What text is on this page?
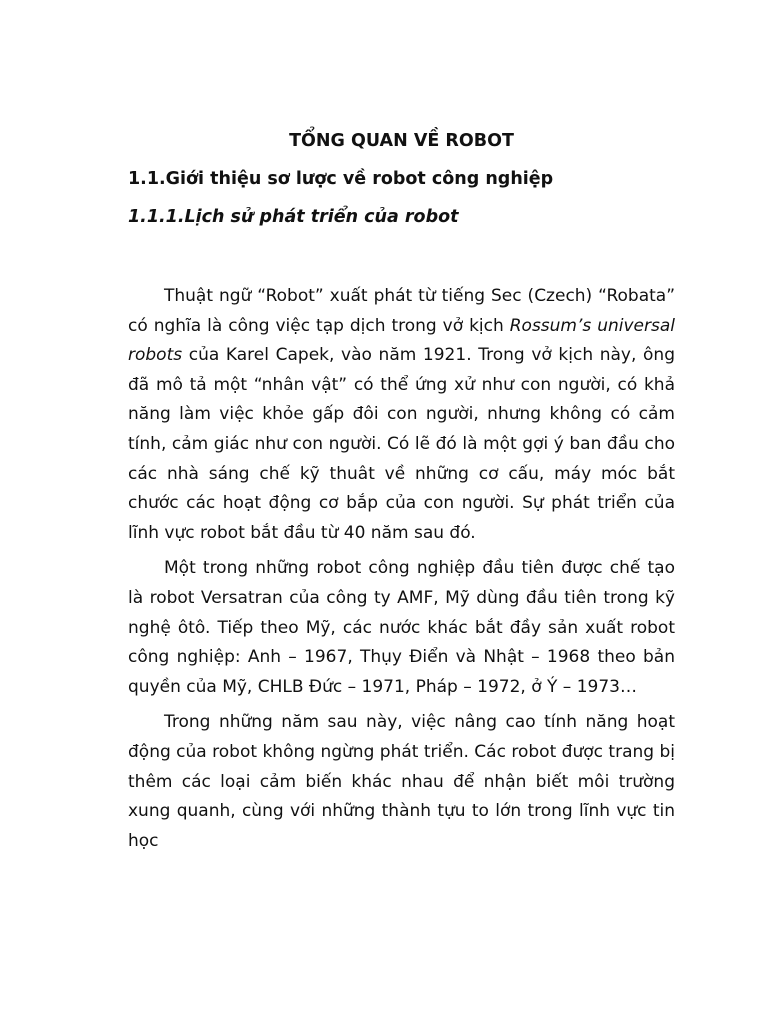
TỔNG QUAN VỀ ROBOT
1.1.Giới thiệu sơ lược về robot công nghiệp
1.1.1.Lịch sử phát triển của robot

Thuật ngữ “Robot” xuất phát từ tiếng Sec (Czech) “Robata” có nghĩa là công việc tạp dịch trong vở kịch Rossum’s universal robots của Karel Capek, vào năm 1921. Trong vở kịch này, ông đã mô tả một “nhân vật” có thể ứng xử như con người, có khả năng làm việc khỏe gấp đôi con người, nhưng không có cảm tính, cảm giác như con người. Có lẽ đó là một gợi ý ban đầu cho các nhà sáng chế kỹ thuât về những cơ cấu, máy móc bắt chước các hoạt động cơ bắp của con người. Sự phát triển của lĩnh vực robot bắt đầu từ 40 năm sau đó.

Một trong những robot công nghiệp đầu tiên được chế tạo là robot Versatran của công ty AMF, Mỹ dùng đầu tiên trong kỹ nghệ ôtô. Tiếp theo Mỹ, các nước khác bắt đầy sản xuất robot công nghiệp: Anh – 1967, Thụy Điển và Nhật – 1968 theo bản quyền của Mỹ, CHLB Đức – 1971, Pháp – 1972, ở Ý – 1973…

Trong những năm sau này, việc nâng cao tính năng hoạt động của robot không ngừng phát triển. Các robot được trang bị thêm các loại cảm biến khác nhau để nhận biết môi trường xung quanh, cùng với những thành tựu to lớn trong lĩnh vực tin học
